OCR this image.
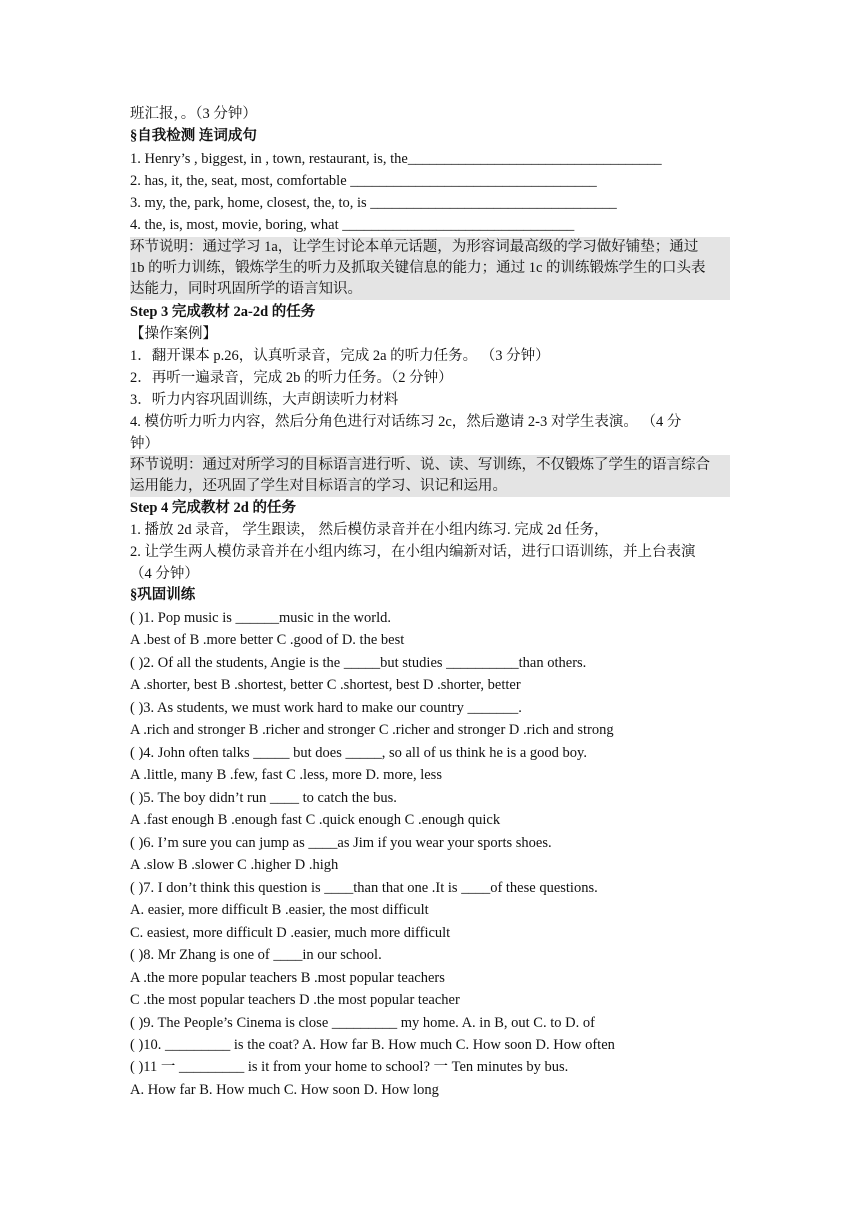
班汇报，。（3 分钟）
§自我检测 连词成句
1. Henry’s , biggest, in , town, restaurant, is, the___________________________________
2. has, it, the, seat, most, comfortable __________________________________
3. my, the, park, home, closest, the, to, is __________________________________
4. the, is, most, movie, boring, what ________________________________
环节说明：通过学习 1a，让学生讨论本单元话题，为形容词最高级的学习做好铺垫；通过
1b 的听力训练，锻炼学生的听力及抓取关键信息的能力；通过 1c 的训练锻炼学生的口头表
达能力，同时巩固所学的语言知识。
Step 3 完成教材 2a-2d 的任务
【操作案例】
1．翻开课本 p.26，认真听录音，完成 2a 的听力任务。 （3 分钟）
2．再听一遍录音，完成 2b 的听力任务。（2 分钟）
3．听力内容巩固训练，大声朗读听力材料
4. 模仿听力听力内容，然后分角色进行对话练习 2c，然后邀请 2-3 对学生表演。 （4 分
钟）
环节说明：通过对所学习的目标语言进行听、说、读、写训练，不仅锻炼了学生的语言综合
运用能力，还巩固了学生对目标语言的学习、识记和运用。
Step 4 完成教材 2d 的任务
1. 播放 2d 录音， 学生跟读， 然后模仿录音并在小组内练习. 完成 2d 任务，
2. 让学生两人模仿录音并在小组内练习，在小组内编新对话，进行口语训练，并上台表演
（4 分钟）
§巩固训练
( )1. Pop music is ______music in the world.
A .best of B .more better C .good of D. the best
( )2. Of all the students, Angie is the _____but studies __________than others.
A .shorter, best B .shortest, better C .shortest, best D .shorter, better
( )3. As students, we must work hard to make our country _______.
A .rich and stronger B .richer and stronger C .richer and stronger D .rich and strong
( )4. John often talks _____ but does _____, so all of us think he is a good boy.
A .little, many B .few, fast C .less, more D. more, less
( )5. The boy didn’t run ____ to catch the bus.
A .fast enough B .enough fast C .quick enough C .enough quick
( )6. I’m sure you can jump as ____as Jim if you wear your sports shoes.
A .slow B .slower C .higher D .high
( )7. I don’t think this question is ____than that one .It is ____of these questions.
A. easier, more difficult B .easier, the most difficult
C. easiest, more difficult D .easier, much more difficult
( )8. Mr Zhang is one of ____in our school.
A .the more popular teachers B .most popular teachers
C .the most popular teachers D .the most popular teacher
( )9. The People’s Cinema is close _________ my home. A. in B, out C. to D. of
( )10. _________ is the coat? A. How far B. How much C. How soon D. How often
( )11 一 _________ is it from your home to school? 一 Ten minutes by bus.
A. How far B. How much C. How soon D. How long
